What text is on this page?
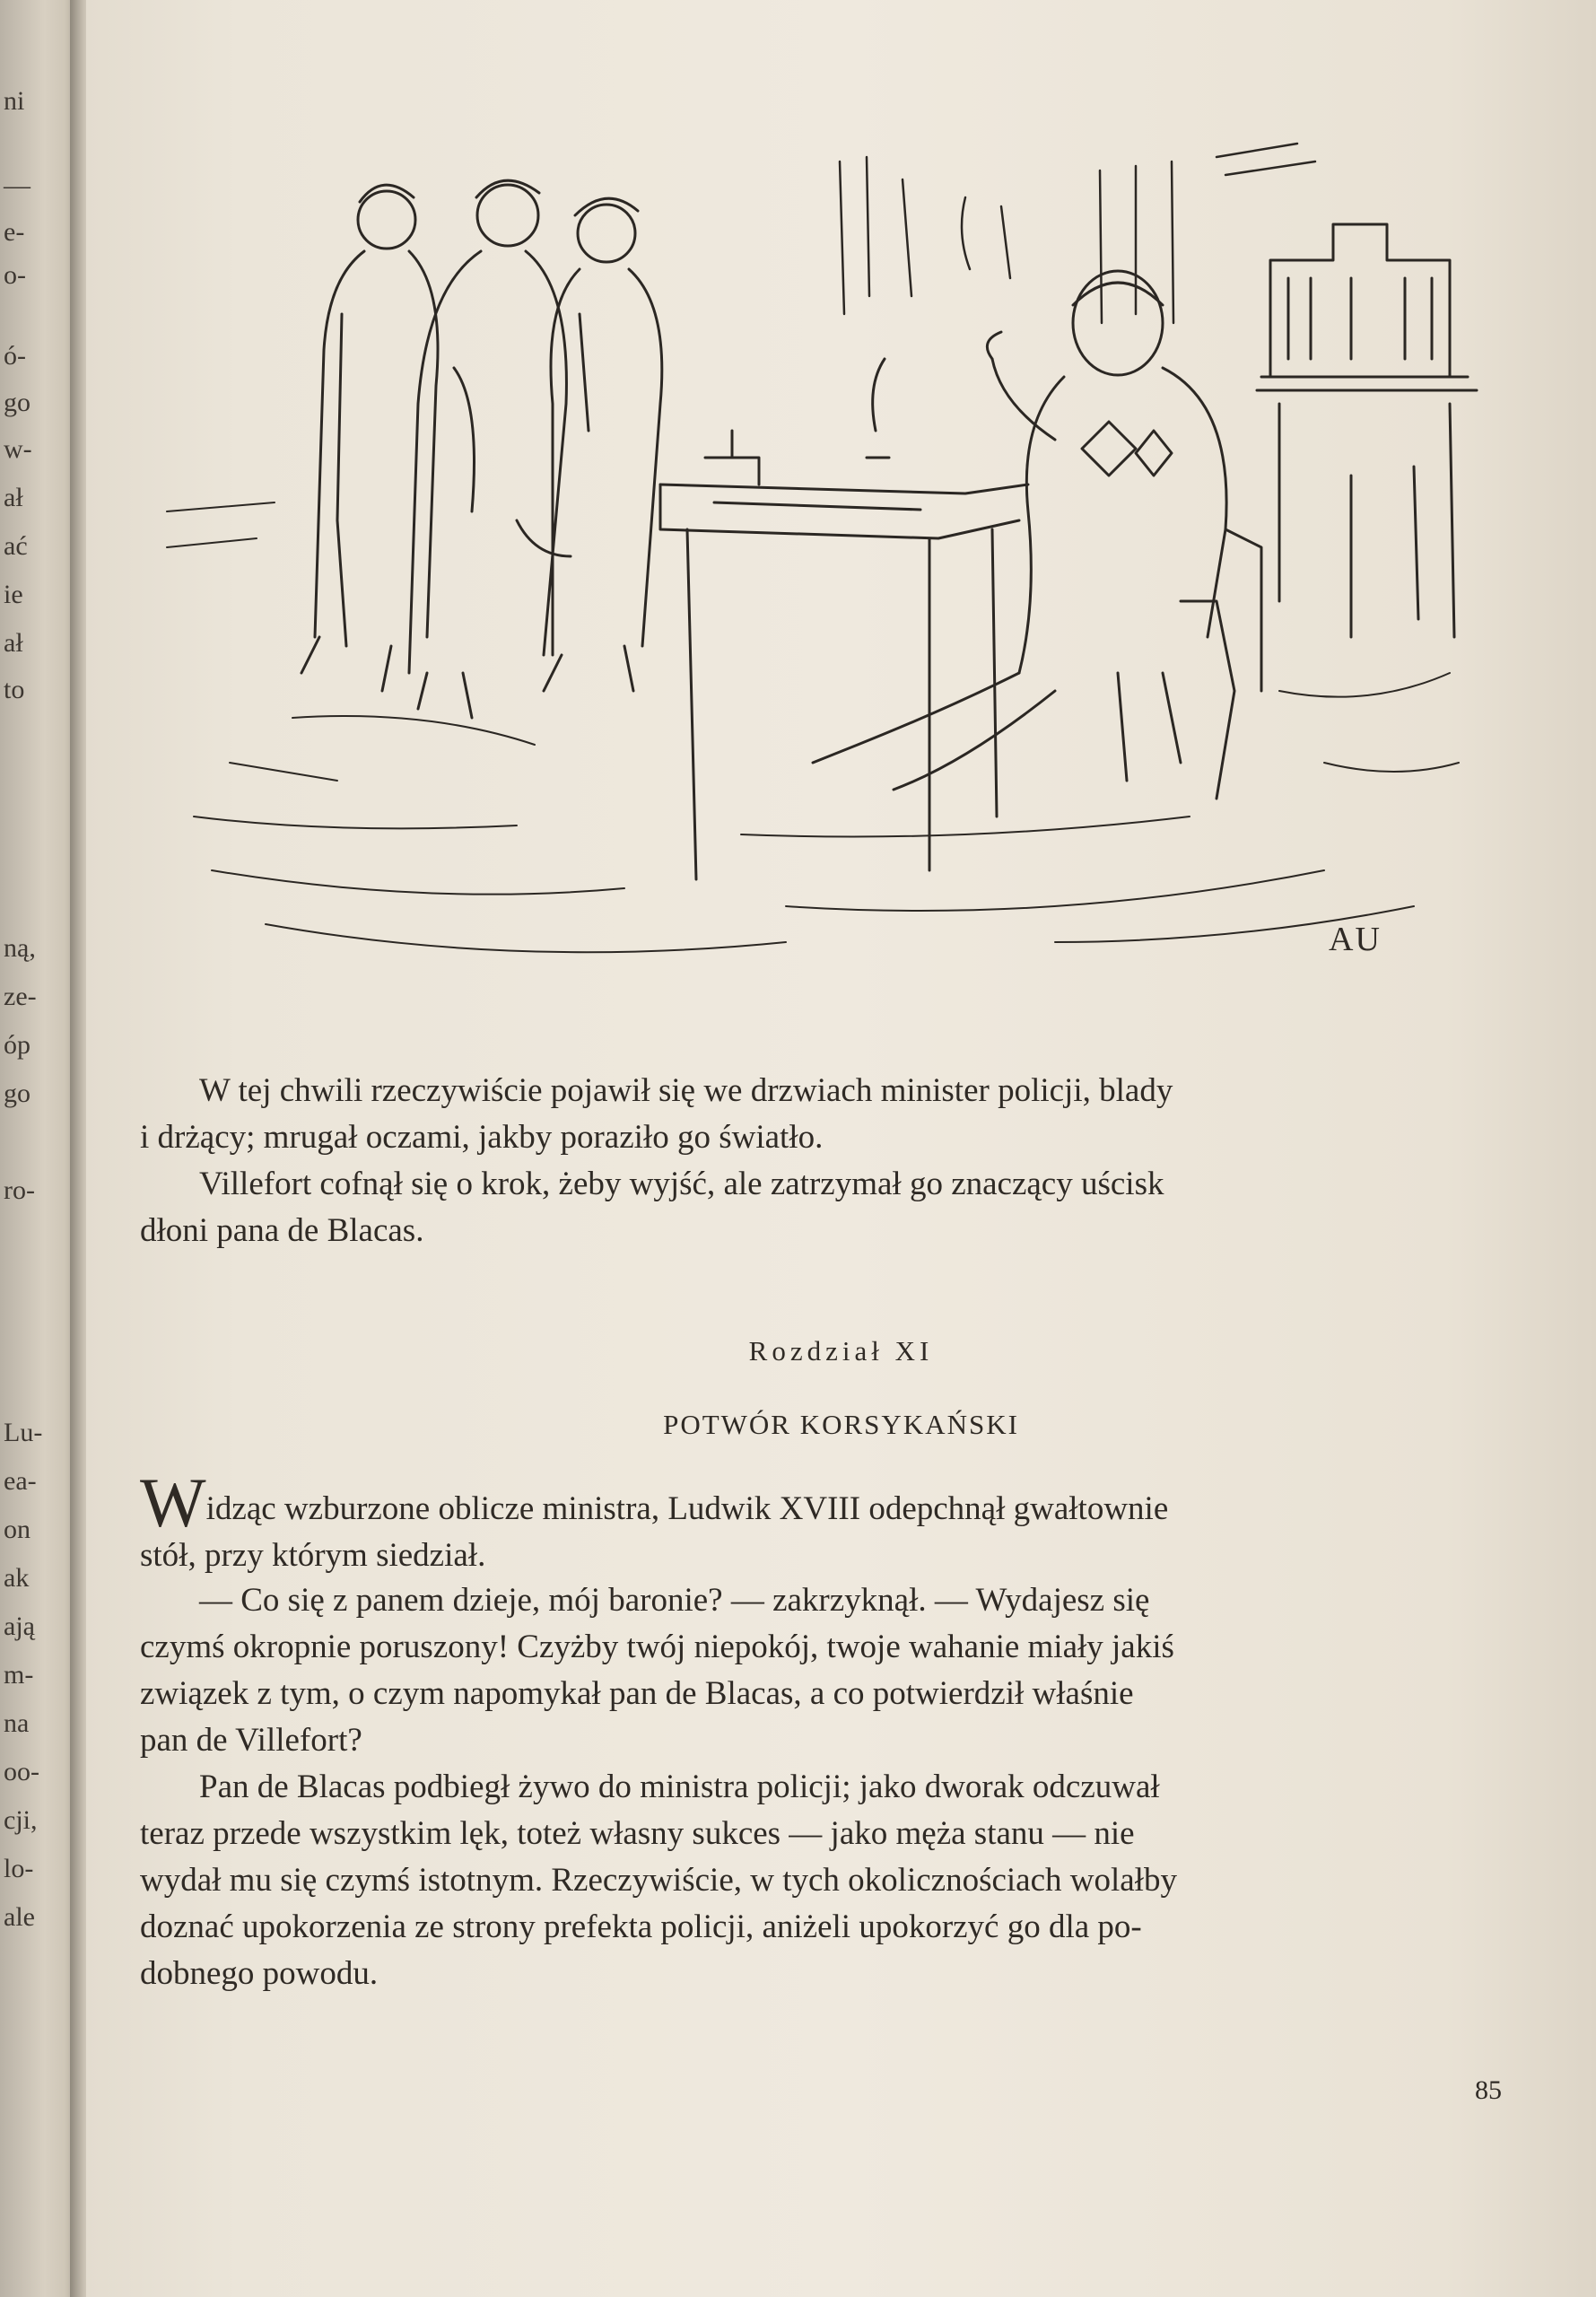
ni
—
e-
o-
ó-
go
w-
ał
ać
ie
ał
to
ną,
ze-
óp
go
ro-
Lu-
ea-
on
ak
ają
m-
na
oo-
cji,
lo-
ale
AU
W tej chwili rzeczywiście pojawił się we drzwiach minister policji, blady
i drżący; mrugał oczami, jakby poraziło go światło.
Villefort cofnął się o krok, żeby wyjść, ale zatrzymał go znaczący uścisk
dłoni pana de Blacas.
Rozdział XI
POTWÓR KORSYKAŃSKI
Widząc wzburzone oblicze ministra, Ludwik XVIII odepchnął gwałtownie
stół, przy którym siedział.
— Co się z panem dzieje, mój baronie? — zakrzyknął. — Wydajesz się
czymś okropnie poruszony! Czyżby twój niepokój, twoje wahanie miały jakiś
związek z tym, o czym napomykał pan de Blacas, a co potwierdził właśnie
pan de Villefort?
Pan de Blacas podbiegł żywo do ministra policji; jako dworak odczuwał
teraz przede wszystkim lęk, toteż własny sukces — jako męża stanu — nie
wydał mu się czymś istotnym. Rzeczywiście, w tych okolicznościach wolałby
doznać upokorzenia ze strony prefekta policji, aniżeli upokorzyć go dla po-
dobnego powodu.
85
